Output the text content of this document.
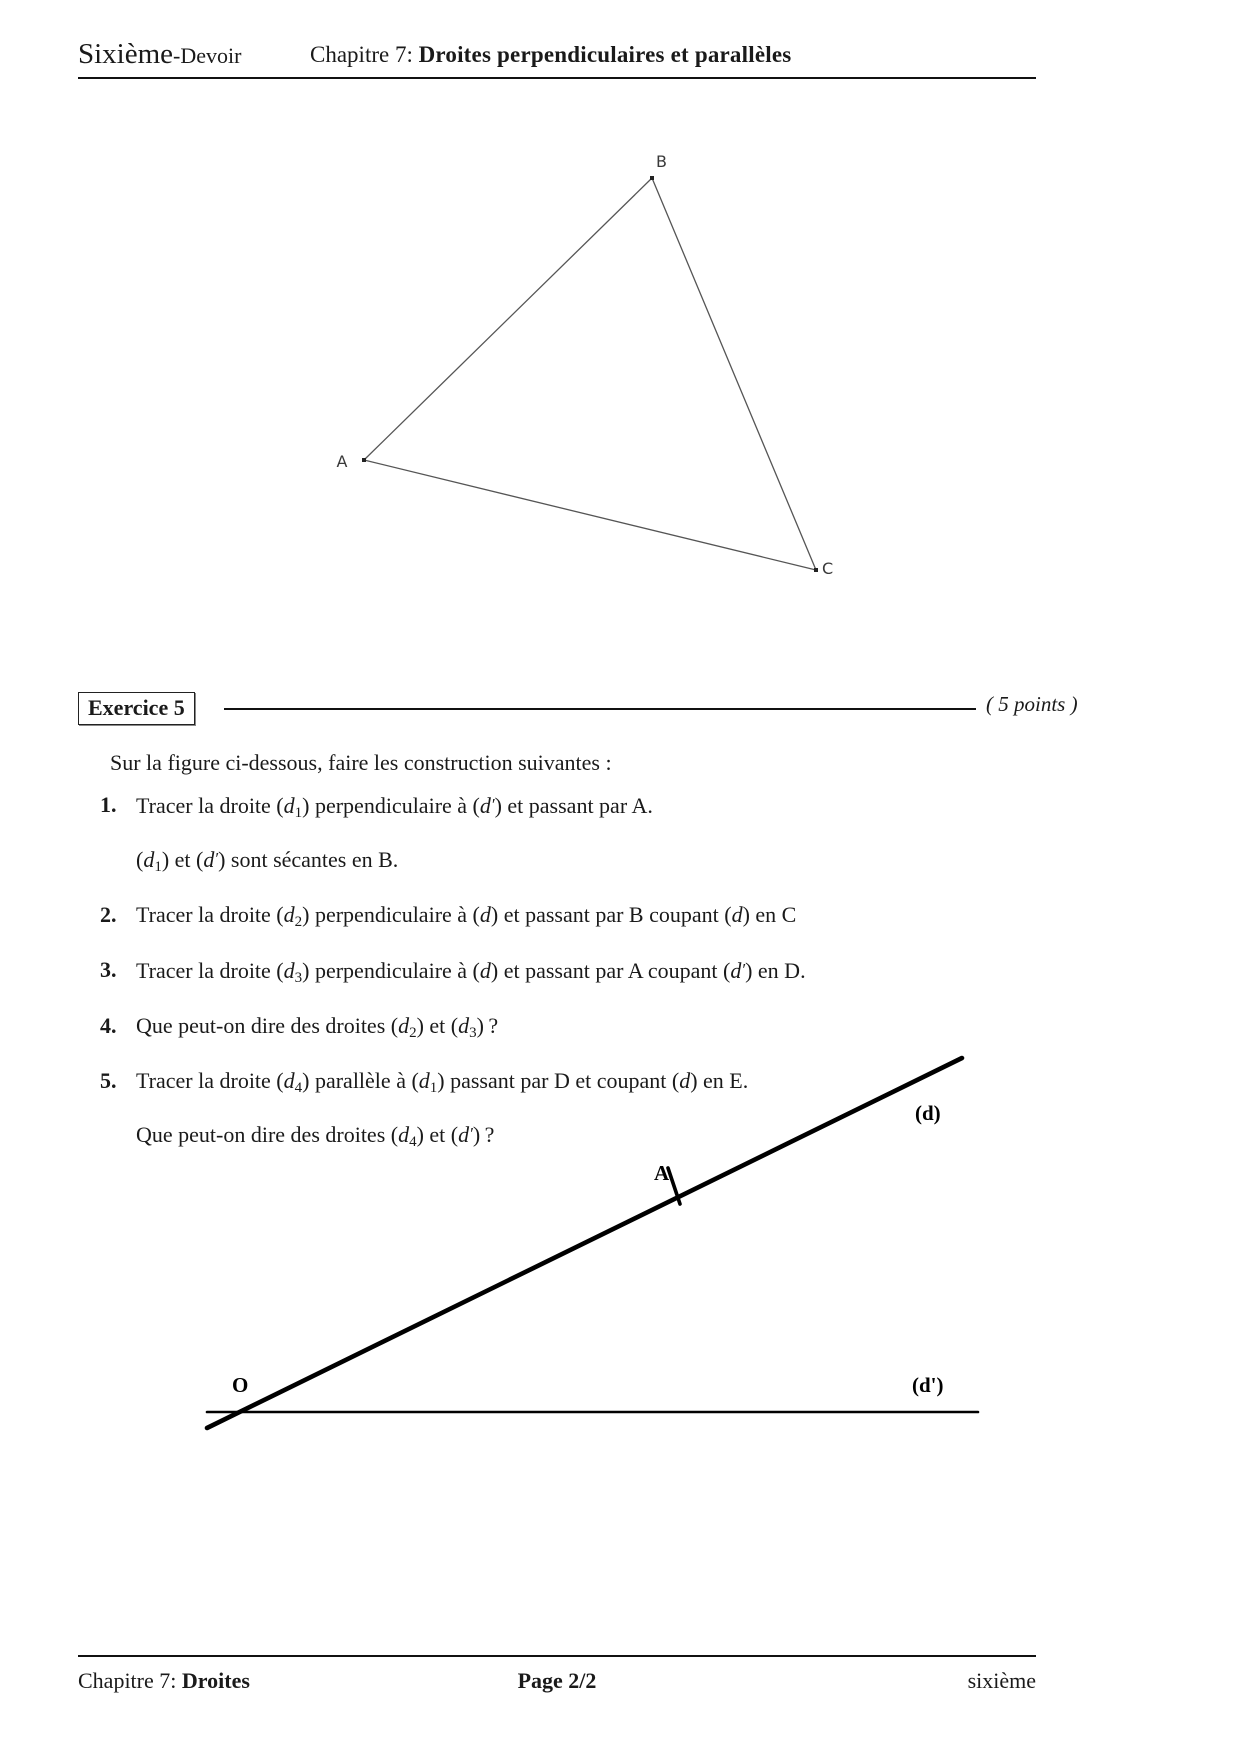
Sixième-Devoir	Chapitre 7: Droites perpendiculaires et parallèles
A
B
C
Exercice 5	( 5 points )
Sur la figure ci-dessous, faire les construction suivantes :
1. Tracer la droite (d1) perpendiculaire à (d′) et passant par A.
(d1) et (d′) sont sécantes en B.
2. Tracer la droite (d2) perpendiculaire à (d) et passant par B coupant (d) en C
3. Tracer la droite (d3) perpendiculaire à (d) et passant par A coupant (d′) en D.
4. Que peut-on dire des droites (d2) et (d3) ?
5. Tracer la droite (d4) parallèle à (d1) passant par D et coupant (d) en E.
Que peut-on dire des droites (d4) et (d′) ?
(d)
(d')
A
O
Chapitre 7: Droites	Page 2/2	sixième
